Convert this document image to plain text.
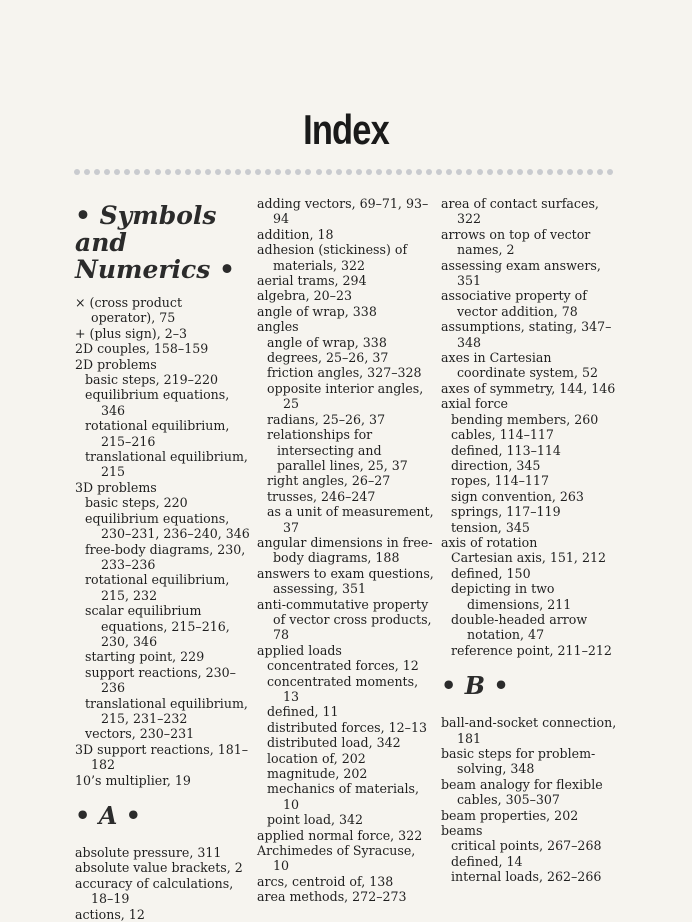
Index
• Symbols and Numerics •

× (cross product operator), 75

+ (plus sign), 2–3

2D couples, 158–159

2D problems

basic steps, 219–220

equilibrium equations, 346

rotational equilibrium, 215–216

translational equilibrium, 215

3D problems

basic steps, 220

equilibrium equations, 230–231, 236–240, 346

free-body diagrams, 230, 233–236

rotational equilibrium, 215, 232

scalar equilibrium equations, 215–216, 230, 346

starting point, 229

support reactions, 230–236

translational equilibrium, 215, 231–232

vectors, 230–231

3D support reactions, 181–182

10’s multiplier, 19

• A •

absolute pressure, 311

absolute value brackets, 2

accuracy of calculations, 18–19

actions, 12

adding vectors, 69–71, 93–94

addition, 18

adhesion (stickiness) of materials, 322

aerial trams, 294

algebra, 20–23

angle of wrap, 338

angles

angle of wrap, 338

degrees, 25–26, 37

friction angles, 327–328

opposite interior angles, 25

radians, 25–26, 37

relationships for

intersecting and

parallel lines, 25, 37

right angles, 26–27

trusses, 246–247

as a unit of measurement, 37

angular dimensions in free-body diagrams, 188

answers to exam questions, assessing, 351

anti-commutative property of vector cross products, 78

applied loads

concentrated forces, 12

concentrated moments, 13

defined, 11

distributed forces, 12–13

distributed load, 342

location of, 202

magnitude, 202

mechanics of materials, 10

point load, 342

applied normal force, 322

Archimedes of Syracuse, 10

arcs, centroid of, 138

area methods, 272–273

area of contact surfaces, 322

arrows on top of vector names, 2

assessing exam answers, 351

associative property of vector addition, 78

assumptions, stating, 347–348

axes in Cartesian coordinate system, 52

axes of symmetry, 144, 146

axial force

bending members, 260

cables, 114–117

defined, 113–114

direction, 345

ropes, 114–117

sign convention, 263

springs, 117–119

tension, 345

axis of rotation

Cartesian axis, 151, 212

defined, 150

depicting in two dimensions, 211

double-headed arrow notation, 47

reference point, 211–212

• B •

ball-and-socket connection, 181

basic steps for problem-solving, 348

beam analogy for flexible cables, 305–307

beam properties, 202

beams

critical points, 267–268

defined, 14

internal loads, 262–266
